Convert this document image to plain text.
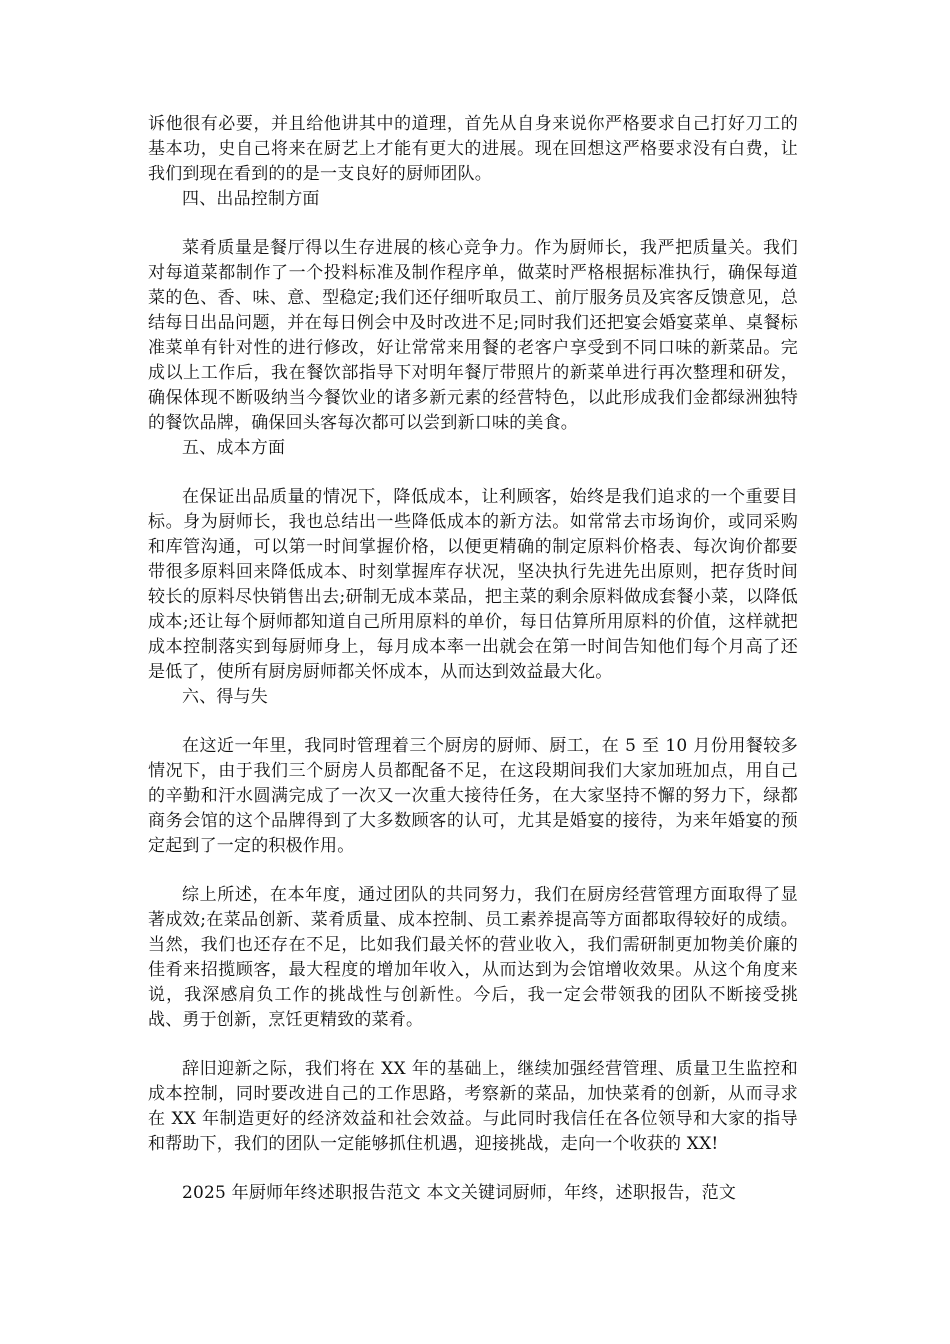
诉他很有必要，并且给他讲其中的道理，首先从自身来说你严格要求自己打好刀工的基本功，史自己将来在厨艺上才能有更大的进展。现在回想这严格要求没有白费，让我们到现在看到的的是一支良好的厨师团队。

四、出品控制方面

菜肴质量是餐厅得以生存进展的核心竞争力。作为厨师长，我严把质量关。我们对每道菜都制作了一个投料标准及制作程序单，做菜时严格根据标准执行，确保每道菜的色、香、味、意、型稳定;我们还仔细听取员工、前厅服务员及宾客反馈意见，总结每日出品问题，并在每日例会中及时改进不足;同时我们还把宴会婚宴菜单、桌餐标准菜单有针对性的进行修改，好让常常来用餐的老客户享受到不同口味的新菜品。完成以上工作后，我在餐饮部指导下对明年餐厅带照片的新菜单进行再次整理和研发，确保体现不断吸纳当今餐饮业的诸多新元素的经营特色，以此形成我们金都绿洲独特的餐饮品牌，确保回头客每次都可以尝到新口味的美食。

五、成本方面

在保证出品质量的情况下，降低成本，让利顾客，始终是我们追求的一个重要目标。身为厨师长，我也总结出一些降低成本的新方法。如常常去市场询价，或同采购和库管沟通，可以第一时间掌握价格，以便更精确的制定原料价格表、每次询价都要带很多原料回来降低成本、时刻掌握库存状况，坚决执行先进先出原则，把存货时间较长的原料尽快销售出去;研制无成本菜品，把主菜的剩余原料做成套餐小菜，以降低成本;还让每个厨师都知道自己所用原料的单价，每日估算所用原料的价值，这样就把成本控制落实到每厨师身上，每月成本率一出就会在第一时间告知他们每个月高了还是低了，使所有厨房厨师都关怀成本，从而达到效益最大化。

六、得与失

在这近一年里，我同时管理着三个厨房的厨师、厨工，在 5 至 10 月份用餐较多情况下，由于我们三个厨房人员都配备不足，在这段期间我们大家加班加点，用自己的辛勤和汗水圆满完成了一次又一次重大接待任务，在大家坚持不懈的努力下，绿都商务会馆的这个品牌得到了大多数顾客的认可，尤其是婚宴的接待，为来年婚宴的预定起到了一定的积极作用。

综上所述，在本年度，通过团队的共同努力，我们在厨房经营管理方面取得了显著成效;在菜品创新、菜肴质量、成本控制、员工素养提高等方面都取得较好的成绩。当然，我们也还存在不足，比如我们最关怀的营业收入，我们需研制更加物美价廉的佳肴来招揽顾客，最大程度的增加年收入，从而达到为会馆增收效果。从这个角度来说，我深感肩负工作的挑战性与创新性。今后，我一定会带领我的团队不断接受挑战、勇于创新，烹饪更精致的菜肴。

辞旧迎新之际，我们将在 XX 年的基础上，继续加强经营管理、质量卫生监控和成本控制，同时要改进自己的工作思路，考察新的菜品，加快菜肴的创新，从而寻求在 XX 年制造更好的经济效益和社会效益。与此同时我信任在各位领导和大家的指导和帮助下，我们的团队一定能够抓住机遇，迎接挑战，走向一个收获的 XX!

2025 年厨师年终述职报告范文 本文关键词厨师，年终，述职报告，范文
